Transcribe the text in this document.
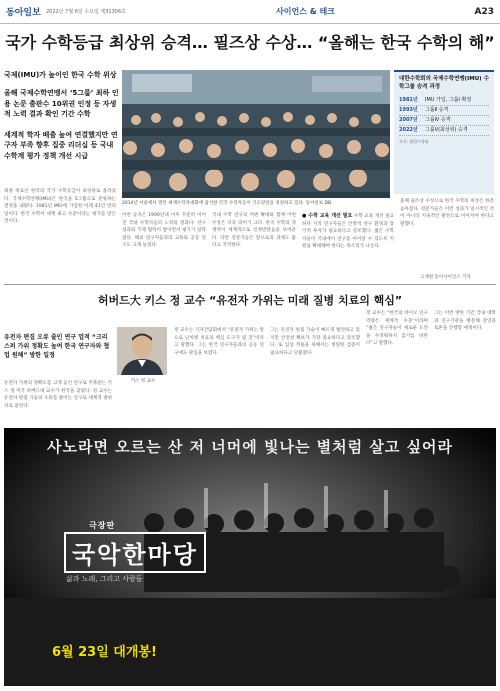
동아일보	2022년 7월 6일 수요일 제31306호	사이언스 & 테크	A23
국가 수학등급 최상위 승격… 필즈상 수상… “올해는 한국 수학의 해”
국제(IMU)가 높이인 한국 수학 위상
올해 국제수학연맹서 ‘5그룹’ 최하 인용 논문 출판수 10위권 인정 등 자생적 노력 결과 확인 기간 수학
세계적 학자 배출 높여 연결했지만 연구자 부족 향후 집중 리더십 등 국내 수학계 평가 정책 개선 시급
2014년 서울에서 열린 세계수학자대회에 참석한 각국 수학자들이 기조강연을 경청하고 있다. 동아일보 DB
대한수학회의 국제수학연맹(IMU) 수학그룹 승격 과정
1981년	IMU 가입, 그룹Ⅰ 확정
1993년	그룹Ⅱ 승격
2007년	그룹Ⅳ 승격
2022년	그룹Ⅴ(최상위) 승격
자료: 대한수학회
최종 목표인 한국의 국가 수학등급이 최상위로 올라섰다. 국제수학연맹(IMU)은 한국을 5그룹으로 분류하는 결정을 내렸다. 1981년 IMU에 가입한 이래 41년 만의 일이다. 한국 수학이 세계 최고 수준이라는 평가를 받은 것이다.
이번 승격은 1990년대 이후 꾸준히 이어진 국내 수학자들의 노력의 결과다. 연구 성과와 국제 협력이 쌓이면서 평가가 달라졌다. 해외 연구자들과의 교류와 공동 연구도 크게 늘었다.
국내 수학 연구의 저변 확대와 함께 이번 수상은 더욱 의미가 크다. 한국 수학의 경쟁력이 세계적으로 인정받았음을 보여준다. 다만 전문가들은 앞으로의 과제도 많다고 지적한다.
● 수학 교육 개선 필요 수학 교육 개선 필요하다 지적 연구자들은 안정적 연구 환경과 장기적 투자가 필요하다고 강조했다. 젊은 수학자들이 국내에서 연구를 이어갈 수 있도록 지원을 확대해야 한다는 목소리가 나온다.
올해 필즈상 수상으로 한국 수학의 위상은 한층 높아졌다. 전문가들은 이번 성과가 일시적인 것이 아니라 지속적인 발전으로 이어져야 한다고 말했다.
고재원 동아사이언스 기자
허버드大 키스 정 교수 “유전자 가위는 미래 질병 치료의 핵심”
유전자 편집 오류 줄인 연구 업적 “크리스퍼 가위 정확도 높여 한국 연구자와 협업 원해” 방한 일정
키스 정 교수
유전자 가위의 정확도를 크게 높인 연구로 주목받는 키스 정 미국 하버드대 교수가 한국을 찾았다. 정 교수는 유전자 편집 기술의 오류를 줄이는 연구로 세계적 권위자로 꼽힌다.
정 교수는 기자간담회에서 “유전자 가위는 앞으로 난치병 치료의 핵심 도구가 될 것”이라고 말했다. 그는 한국 연구자들과의 공동 연구에도 관심을 보였다.
그는 유전자 편집 기술이 빠르게 발전하고 있지만 안전성 확보가 가장 중요하다고 강조했다. 또 임상 적용을 위해서는 정밀한 검증이 필요하다고 덧붙였다.
정 교수는 “한국의 바이오 연구 역량은 세계적 수준”이라며 “젊은 연구자들이 새로운 도전을 두려워하지 않기를 바란다”고 말했다.
그는 이번 방한 기간 국내 대학과 연구기관을 방문해 강연과 토론을 진행할 예정이다.
사노라면 오르는 산 저 너머에 빛나는 별처럼 살고 싶어라
극장판
국악한마당
삶과 노래, 그리고 사람들
6월 23일 대개봉!
